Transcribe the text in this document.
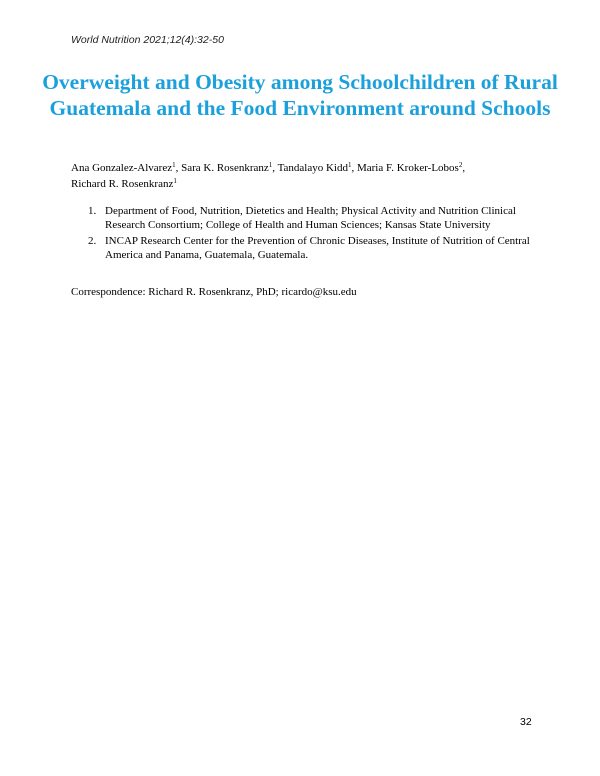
World Nutrition 2021;12(4):32-50
Overweight and Obesity among Schoolchildren of Rural Guatemala and the Food Environment around Schools
Ana Gonzalez-Alvarez$^1$, Sara K. Rosenkranz$^1$, Tandalayo Kidd$^1$, Maria F. Kroker-Lobos$^2$,
Richard R. Rosenkranz$^1$
1. Department of Food, Nutrition, Dietetics and Health; Physical Activity and Nutrition Clinical Research Consortium; College of Health and Human Sciences; Kansas State University
2. INCAP Research Center for the Prevention of Chronic Diseases, Institute of Nutrition of Central America and Panama, Guatemala, Guatemala.
Correspondence: Richard R. Rosenkranz, PhD; ricardo@ksu.edu
32
